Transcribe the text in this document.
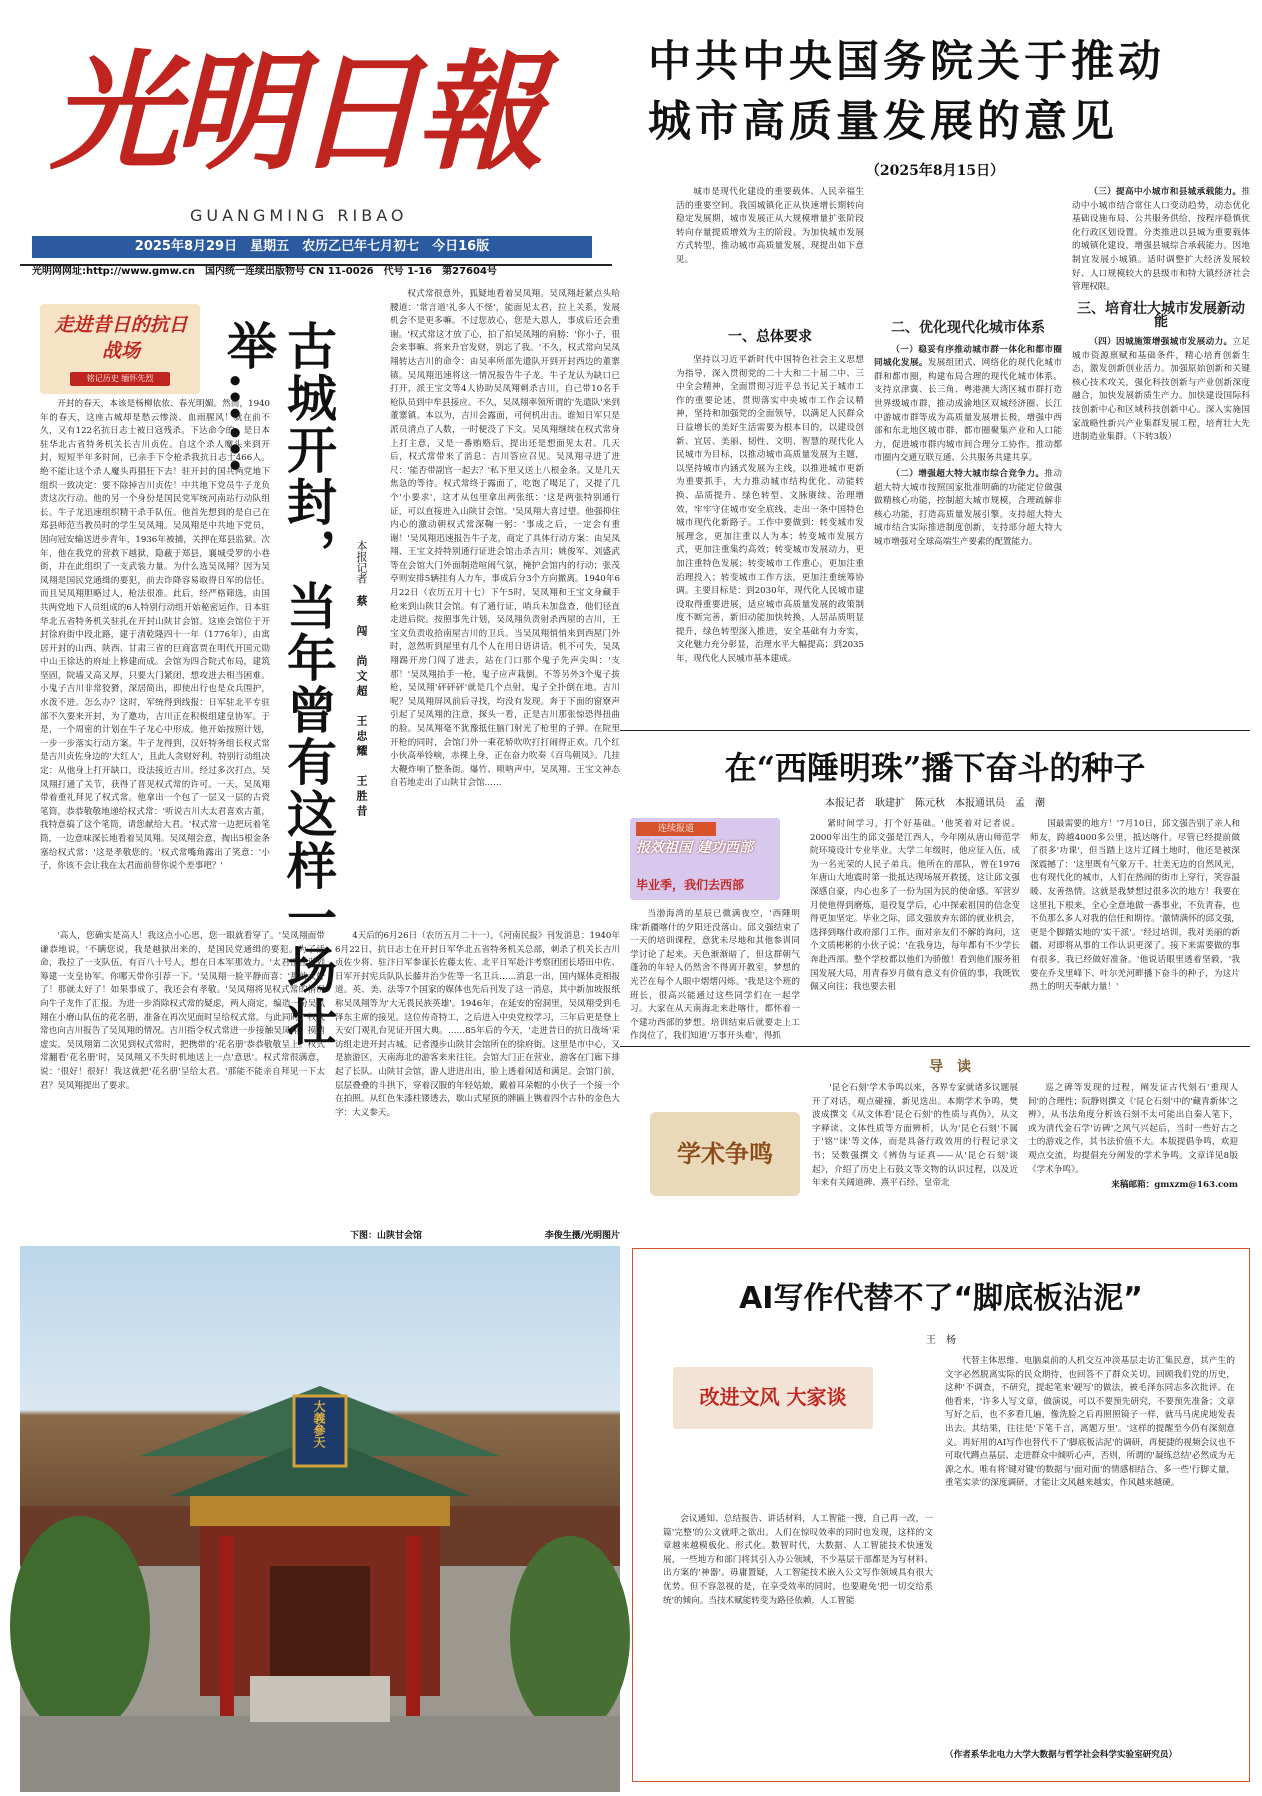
光明日報
GUANGMING RIBAO
2025年8月29日　星期五　农历乙巳年七月初七　今日16版
光明网网址:http://www.gmw.cn　 国内统一连续出版物号 CN 11-0026　代号 1-16　第27604号
中共中央国务院关于推动
城市高质量发展的意见
（2025年8月15日）

城市是现代化建设的重要载体、人民幸福生活的重要空间。我国城镇化正从快速增长期转向稳定发展期，城市发展正从大规模增量扩张阶段转向存量提质增效为主的阶段。为加快城市发展方式转型，推动城市高质量发展，现提出如下意见。

一、总体要求

坚持以习近平新时代中国特色社会主义思想为指导，深入贯彻党的二十大和二十届二中、三中全会精神，全面贯彻习近平总书记关于城市工作的重要论述，贯彻落实中央城市工作会议精神，坚持和加强党的全面领导，以满足人民群众日益增长的美好生活需要为根本目的，以建设创新、宜居、美丽、韧性、文明、智慧的现代化人民城市为目标，以推动城市高质量发展为主题，以坚持城市内涵式发展为主线，以推进城市更新为重要抓手，大力推动城市结构优化、动能转换、品质提升、绿色转型、文脉赓续、治理增效，牢牢守住城市安全底线，走出一条中国特色城市现代化新路子。工作中要做到：转变城市发展理念，更加注重以人为本；转变城市发展方式，更加注重集约高效；转变城市发展动力，更加注重特色发展；转变城市工作重心，更加注重治理投入；转变城市工作方法，更加注重统筹协调。主要目标是：到2030年，现代化人民城市建设取得重要进展，适应城市高质量发展的政策制度不断完善，新旧动能加快转换，人居品质明显提升，绿色转型深入推进，安全基础有力夯实，文化魅力充分彰显，治理水平大幅提高；到2035年，现代化人民城市基本建成。

二、优化现代化城市体系

（一）稳妥有序推动城市群一体化和都市圈同城化发展。发展组团式、网络化的现代化城市群和都市圈，构建布局合理的现代化城市体系。支持京津冀、长三角、粤港澳大湾区城市群打造世界级城市群，推动成渝地区双城经济圈、长江中游城市群等成为高质量发展增长极，增强中西部和东北地区城市群、都市圈聚集产业和人口能力，促进城市群内城市间合理分工协作。推动都市圈内交通互联互通、公共服务共建共享。

（二）增强超大特大城市综合竞争力。推动超大特大城市按照国家批准明确的功能定位做强做精核心功能，控制超大城市规模，合理疏解非核心功能，打造高质量发展引擎。支持超大特大城市结合实际推进制度创新，支持部分超大特大城市增强对全球高端生产要素的配置能力。

（三）提高中小城市和县城承载能力。推动中小城市结合常住人口变动趋势，动态优化基础设施布局、公共服务供给，按程序稳慎优化行政区划设置。分类推进以县城为重要载体的城镇化建设，增强县城综合承载能力。因地制宜发展小城镇。适时调整扩大经济发展较好、人口规模较大的县级市和特大镇经济社会管理权限。

三、培育壮大城市发展新动能

（四）因城施策增强城市发展动力。立足城市资源禀赋和基础条件，精心培育创新生态，激发创新创业活力。加强原始创新和关键核心技术攻关，强化科技创新与产业创新深度融合，加快发展新质生产力。加快建设国际科技创新中心和区域科技创新中心。深入实施国家战略性新兴产业集群发展工程，培育壮大先进制造业集群。（下转3版）

走进昔日的抗日战场
铭记历史 缅怀先烈	古城开封，当年曾有这样一场壮举……
本报记者　蔡　闯　尚文超　王忠耀　王胜昔

开封的春天，本该是杨柳依依、春光明媚。然而，1940年的春天，这座古城却是愁云惨淡、血雨腥风！就在前不久，又有122名抗日志士被日寇残杀。下达命令的，是日本驻华北古省特务机关长吉川贞佐。自这个杀人魔头来到开封，短短半年多时间，已亲手下令枪杀我抗日志士466人。绝不能让这个杀人魔头再猖狂下去！驻开封的国共两党地下组织一致决定：要不除掉吉川贞佐！中共地下党员牛子龙负责这次行动。他的另一个身份是国民党军统河南站行动队组长。牛子龙迅速组织精干杀手队伍。他首先想到的是自己在郑县师范当教员时的学生吴凤翔。吴凤翔是中共地下党员，因向冠安输送进步青年，1936年被捕，关押在郑县监狱。次年，他在我党的营救下越狱，隐蔽于郑县，襄城受罗的小巷街，并在此组织了一支武装力量。为什么选吴凤翔？因为吴凤翔是国民党通缉的要犯，前去诈降容易取得日军的信任。而且吴凤翔胆略过人，枪法很准。此后，经严格筛选，由国共两党地下人员组成的6人特别行动组开始秘密运作。日本驻华北五省特务机关驻扎在开封山陕甘会馆。这座会馆位于开封徐府街中段北路，建于清乾隆四十一年（1776年），由寓居开封的山西、陕西、甘肃三省的巨商富贾在明代开国元勋中山王徐达的府址上修建而成。会馆为四合院式布局，建筑坚固，院墙又高又厚，只要大门紧闭，想攻进去相当困难。小鬼子吉川非常狡猾，深居简出，即使出行也是众兵围护，水泼不进。怎么办？这时，军统得到线报：日军驻北平专驻部不久要来开封，为了邀功，吉川正在积极组建皇协军。于是，一个周密的计划在牛子龙心中形成。他开始按照计划，一步一步落实行动方案。牛子龙得到，汉奸特务组长权式常是吉川贞佐身边的'大红人'，且此人贪财好利。特别行动组决定：从他身上打开缺口，设法接近吉川。经过多次打点，吴凤翔打通了关节，获得了晋见权式常的许可。一天，吴凤翔带着重礼拜见了权式常。他拿出一个包了一层又一层的古瓷笔筒，恭恭敬敬地递给权式常：'听说吉川大太君喜欢古董，我特意搞了这个笔筒，请您献给大君。'权式常一边把玩着笔筒，一边意味深长地看着吴凤翔。吴凤翔会意，掏出5根金条塞给权式常：'这是孝敬您的。'权式常嘴角露出了笑意：'小子，你该不会让我在太君面前替你说个差事吧？'

'高人，您确实是高人！我这点小心思，您一眼就看穿了。'吴凤翔面带谦恭地说，'不瞒您说，我是越狱出来的，是国民党通缉的要犯。为了活命，我拉了一支队伍，有百八十号人，想在日本军那效力。'太君正在谋划筹建一支皇协军。你哪天带你引荐一下。'吴凤翔一脸平静而喜：'那就太好了！那就太好了！如果事成了，我还会有孝敬。'吴凤翔将见权式常的情况向牛子龙作了汇报。为进一步消除权式常的疑虑，两人商定，编造一份吴凤翔在小磨山队伍的花名册，准备在再次见面时呈给权式常。与此同时，权式常也向吉川报告了吴凤翔的情况。吉川指令权式常进一步接触吴凤翔，摸清虚实。吴凤翔第二次见到权式常时，把携带的'花名册'恭恭敬敬呈上。权式常翻看'花名册'时，吴凤翔又不失时机地送上一点'意思'。权式常很满意，说：'很好！很好！我这就把'花名册'呈给太君。'那能不能亲自拜见一下太君？吴凤翔提出了要求。

权式常很意外，狐疑地看着吴凤翔。吴凤翔赶紧点头哈腰道：'常言道'礼多人不怪'，能面见太君，拉上关系，发展机会不是更多嘛。不过您放心，您是大恩人，事成后还会重谢。'权式常这才放了心，拍了拍吴凤翔的肩膀：'你小子，很会来事嘛。将来升官发财，别忘了我。'不久，权式常向吴凤翔转达吉川的命令：由吴率所部先遣队开到开封西边的董寨镇。吴凤翔迅速将这一情况报告牛子龙。牛子龙认为缺口已打开，派王宝文等4人协助吴凤翔刺杀吉川，自己带10名手枪队员到中牟县接应。不久，吴凤翔率领所谓的'先遣队'来到董寨镇。本以为，吉川会露面，可何机出击。谁知日军只是派员清点了人数，一时便没了下文。吴凤翔继续在权式常身上打主意，又是一番贿赂后，提出还是想面见太君。几天后，权式常带来了消息：吉川答应召见。吴凤翔寻进了进尺：'能否带副官一起去？'私下里又送上八根金条。又是几天焦急的等待。权式常终于露面了，吃饱了喝足了，又提了几个'小要求'，这才从包里拿出两张纸：'这是两张特别通行证，可以直接进入山陕甘会馆。'吴凤翔大喜过望。他强抑住内心的激动朝权式常深鞠一躬：'事成之后，一定会有重谢！'吴凤翔迅速报告牛子龙，商定了具体行动方案：由吴凤翔、王宝文持特别通行证进会馆击杀吉川；姚俊军、刘盛武等在会馆大门外面制造喧闹气氛，掩护会馆内的行动；张茂亭则安排5辆挂有人力车，事成后分3个方向撤离。1940年6月22日（农历五月十七）下午5时，吴凤翔和王宝文身藏手枪来到山陕甘会馆。有了通行证，哨兵未加盘查，他们径直走进后院。按照事先计划，吴凤翔负责射杀西屋的吉川，王宝文负责收拾南屋吉川的卫兵。当吴凤翔悄悄来到西屋门外时，忽然听到屋里有几个人在用日语讲话。机不可失，吴凤翔踢开房门闯了进去，站在门口那个鬼子先声尖叫：'支那！'吴凤翔抬手一枪，鬼子应声栽倒。不等另外3个鬼子拔枪，吴凤翔'砰砰砰'就是几个点射，鬼子全扑倒在地。吉川呢？吴凤翔屏风前后寻找，均没有发现。奔于下面的窗寮声引起了吴凤翔的注意，探头一看，正是吉川那张惊恐得扭曲的脸。吴凤翔毫不犹豫抵住脑门射光了枪里的子弹。在院里开枪的同时，会馆门外一乘花轿吹吹打打闹得正欢。几个红小伙高举铃响，赤裸上身，正在奋力吹奏《百鸟朝凤》。几挂大鞭炸响了整条街。爆竹、唢呐声中，吴凤翔、王宝文神态自若地走出了山陕甘会馆……

4天后的6月26日（农历五月二十一），《河南民报》刊发消息：1940年6月22日，抗日志士在开封日军华北五省特务机关总部，刺杀了机关长吉川贞佐少将、驻汴日军参谋长佐藤太佐、北平日军赴汴考察团团长塔田中佐、日军开封宪兵队队长藤井治少佐等一名卫兵……消息一出，国内媒体竞相报道。英、美、法等7个国家的媒体也先后刊发了这一消息，其中新加坡报纸称吴凤翔等为'大无畏民族英雄'。1946年，在延安的窑洞里，吴凤翔受到毛泽东主席的接见。这位传奇特工，之后进入中央党校学习，三年后更是登上天安门观礼台见证开国大典。……85年后的今天，'走进昔日的抗日战场'采访组走进开封古城。记者漫步山陕甘会馆所在的徐府街。这里是市中心，又是旅游区，天南海北的游客来来往往。会馆大门正在营业，游客在门廊下排起了长队。山陕甘会馆，游人进进出出，脸上透着闲适和满足。会馆门前，层层叠叠的斗拱下，穿着汉服的年轻姑娘，戴着耳朵帽的小伙子一个接一个在拍照。从红色朱漆柱镂透去，歇山式屋顶的牌匾上镌着四个古朴的金色大字：大义参天。

下图：山陕甘会馆	李俊生摄/光明图片
大義參天
在“西陲明珠”播下奋斗的种子
本报记者　耿建扩　陈元秋　本报通讯员　孟　潮
连续报道
报效祖国 建功西部
毕业季，我们去西部

当渤海湾的星辰已微满夜空，'西陲明珠'新疆喀什的夕阳还没落山。邱文强结束了一天的培训课程，意犹未尽地和其他参训同学讨论了起来。天色渐渐暗了，但这群朝气蓬勃的年轻人仍然舍不得离开教室，梦想的光芒在每个人眼中熠熠闪烁。'我是这个班的班长，很高兴能通过这些同学们在一起学习。大家在从天南海北来赴喀什，都怀着一个建功西部的梦想。培训结束后就要走上工作岗位了，我们知道'万事开头难'，得抓

紧时间学习，打个好基础。'他笑着对记者说。2000年出生的邱文强是江西人，今年刚从唐山师范学院环境设计专业毕业。大学二年级时，他应征入伍，成为一名光荣的人民子弟兵。他所在的部队，曾在1976年唐山大地震时第一批抵达现场展开救援，这让邱文强深感自豪，内心也多了一份为国为民的使命感。军营岁月使他得到磨炼，退役复学后，心中探索祖国的信念变得更加坚定。毕业之际，邱文强放弃东部的就业机会，选择到喀什政府部门工作。面对亲友们不解的询问，这个文质彬彬的小伙子说：'在我身边，每年都有不少学长奔赴西部。整个学校都以他们为骄傲！看到他们服务祖国发展大局，用青春岁月做有意义有价值的事，我既钦佩又向往；我也要去祖

国最需要的地方！'7月10日，邱文强告别了亲人和师友，跨越4000多公里，抵达喀什。尽管已经提前做了很多'功课'，但当踏上这片辽阔土地时，他还是被深深震撼了：'这里既有气象万千、壮美无边的自然风光，也有现代化的城市，人们在热闹的街市上穿行，笑容温暖、友善热情。这就是我梦想过很多次的地方！我要在这里扎下根来，全心全意地做一番事业，不负青春，也不负那么多人对我的信任和期待。'激情满怀的邱文强，更是个脚踏实地的'实干派'。'经过培训，我对美丽的新疆、对即将从事的工作认识更深了。接下来需要做的事有很多，我已经做好准备。'他说话眼里透着坚毅，'我要在乔戈里峰下、叶尔羌河畔播下奋斗的种子，为这片热土的明天奉献力量！'

导　读
学术争鸣

'昆仑石刻'学术争鸣以来，各界专家就诸多议题展开了对话，观点碰撞，新见迭出。本期学术争鸣，樊波成撰文《从文体看'昆仑石刻'的性质与真伪》，从文字释读、文体性质等方面辨析，认为'昆仑石刻'不属于'铭''诔'等文体，而是具备行政效用的行程记录文书；吴数强撰文《辨伪与证真——从'昆仑石刻'谈起》，介绍了历史上石鼓文等文物的认识过程，以及近年来有关阔道碑、熹平石经、皇帝北

巡之碑等发现的过程，阐发证古代刻石'重现人间'的合理性；阮静则撰文《'昆仑石刻'中的'藏青新体'之辨》，从书法角度分析该石刻不太可能出自秦人笔下，或为清代金石学'访碑'之风气兴起后，当时一些好古之士的游戏之作，其书法价值不大。本版提倡争鸣，欢迎观点交流，均提倡充分阐发的学术争鸣。文章详见8版《学术争鸣》。

来稿邮箱：gmxzm@163.com

AI写作代替不了“脚底板沾泥”
王　杨
改进文风 大家谈

会议通知、总结报告、讲话材料，人工智能一搜，自己再一改，一篇'完整'的公文就呼之欲出。人们在惊叹效率的同时也发现，这样的文章越来越模板化、形式化。数智时代，大数据、人工智能技术快速发展，一些地方和部门将其引入办公领域，不少基层干部都是为写材料、出方案的'神器'。毋庸置疑，人工智能技术嵌入公文写作领域具有很大优势。但不容忽视的是，在享受效率的同时，也要避免'把一切交给系统'的倾向。当技术赋能转变为路径依赖，人工智能

代替主体思维、电脑桌前的人机交互冲淡基层走访汇集民意，其产生的文字必然脱离实际的民众期待，也回答不了群众关切。回顾我们党的历史，这种'不调查，不研究，提起笔来'硬写'的做法，被毛泽东同志多次批评。在他看来，'许多人写文章，做演说，可以不要预先研究，不要预先准备；文章写好之后，也不多看几遍，像洗脸之后再照照镜子一样，就马马虎虎地发表出去。其结果，往往是'下笔千言，离题万里'。'这样的提醒至今仍有深刻意义。再好用的AI写作也替代不了'脚底板沾泥'的调研，再便捷的视频会议也不可取代蹲点基层、走进群众中倾听心声，否则，所谓的'凝练总结'必然成为无源之水。唯有将'键对键'的数据与'面对面'的情感相结合，多一些'行脚丈量，重笔实录'的深度调研，才能让文风越来越实，作风越来越硬。

（作者系华北电力大学大数据与哲学社会科学实验室研究员）
